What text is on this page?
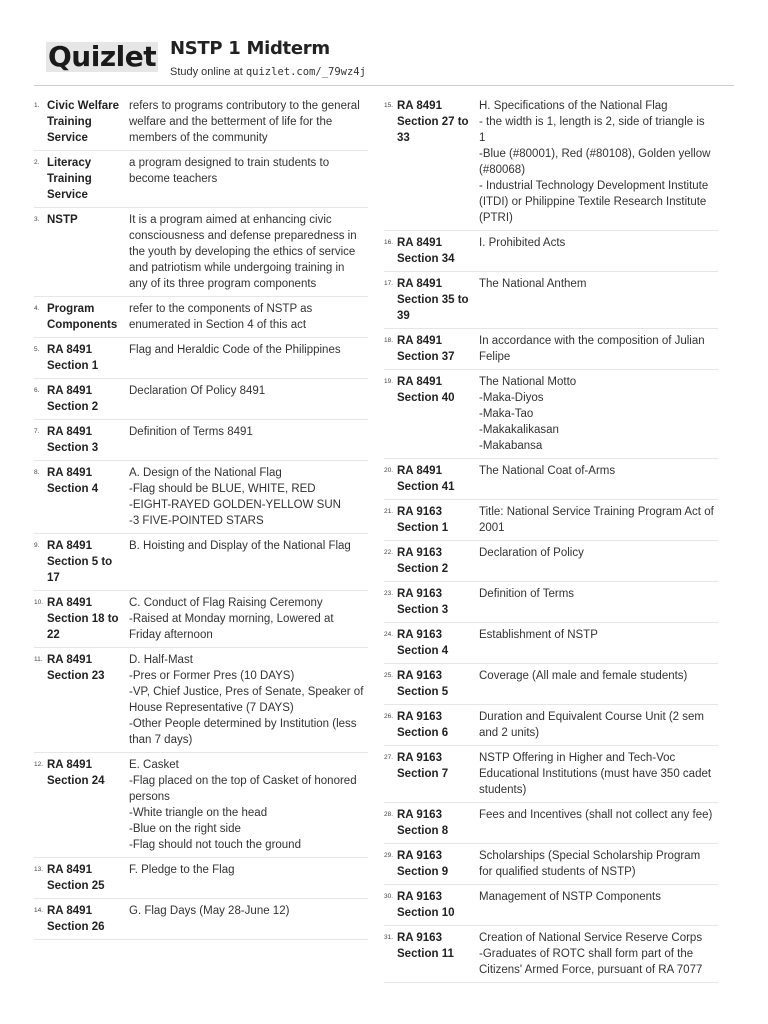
Quizlet NSTP 1 Midterm
Study online at quizlet.com/_79wz4j
1. Civic Welfare Training Service
refers to programs contributory to the general welfare and the betterment of life for the members of the community
2. Literacy Training Service
a program designed to train students to become teachers
3. NSTP	It is a program aimed at enhancing civic consciousness and defense preparedness in the youth by developing the ethics of service and patriotism while undergoing training in any of its three program components
4. Program Components
refer to the components of NSTP as enumerated in Section 4 of this act
5. RA 8491 Section 1
Flag and Heraldic Code of the Philippines
6. RA 8491 Section 2
Declaration Of Policy 8491
7. RA 8491 Section 3
Definition of Terms 8491
8. RA 8491 Section 4
A. Design of the National Flag
-Flag should be BLUE, WHITE, RED
-EIGHT-RAYED GOLDEN-YELLOW SUN
-3 FIVE-POINTED STARS
9. RA 8491 Section 5 to 17
B. Hoisting and Display of the National Flag
10. RA 8491 Section 18 to 22
C. Conduct of Flag Raising Ceremony
-Raised at Monday morning, Lowered at Friday afternoon
11. RA 8491 Section 23
D. Half-Mast
-Pres or Former Pres (10 DAYS)
-VP, Chief Justice, Pres of Senate, Speaker of House Representative (7 DAYS)
-Other People determined by Institution (less than 7 days)
12. RA 8491 Section 24
E. Casket
-Flag placed on the top of Casket of honored persons
-White triangle on the head
-Blue on the right side
-Flag should not touch the ground
13. RA 8491 Section 25
F. Pledge to the Flag
14. RA 8491 Section 26
G. Flag Days (May 28-June 12)
15. RA 8491 Section 27 to 33
H. Specifications of the National Flag
- the width is 1, length is 2, side of triangle is 1
-Blue (#80001), Red (#80108), Golden yellow (#80068)
- Industrial Technology Development Institute (ITDI) or Philippine Textile Research Institute (PTRI)
16. RA 8491 Section 34
I. Prohibited Acts
17. RA 8491 Section 35 to 39
The National Anthem
18. RA 8491 Section 37
In accordance with the composition of Julian Felipe
19. RA 8491 Section 40
The National Motto
-Maka-Diyos
-Maka-Tao
-Makakalikasan
-Makabansa
20. RA 8491 Section 41
The National Coat of-Arms
21. RA 9163 Section 1
Title: National Service Training Program Act of 2001
22. RA 9163 Section 2
Declaration of Policy
23. RA 9163 Section 3
Definition of Terms
24. RA 9163 Section 4
Establishment of NSTP
25. RA 9163 Section 5
Coverage (All male and female students)
26. RA 9163 Section 6
Duration and Equivalent Course Unit (2 sem and 2 units)
27. RA 9163 Section 7
NSTP Offering in Higher and Tech-Voc Educational Institutions (must have 350 cadet students)
28. RA 9163 Section 8
Fees and Incentives (shall not collect any fee)
29. RA 9163 Section 9
Scholarships (Special Scholarship Program for qualified students of NSTP)
30. RA 9163 Section 10
Management of NSTP Components
31. RA 9163 Section 11
Creation of National Service Reserve Corps
-Graduates of ROTC shall form part of the Citizens' Armed Force, pursuant of RA 7077
